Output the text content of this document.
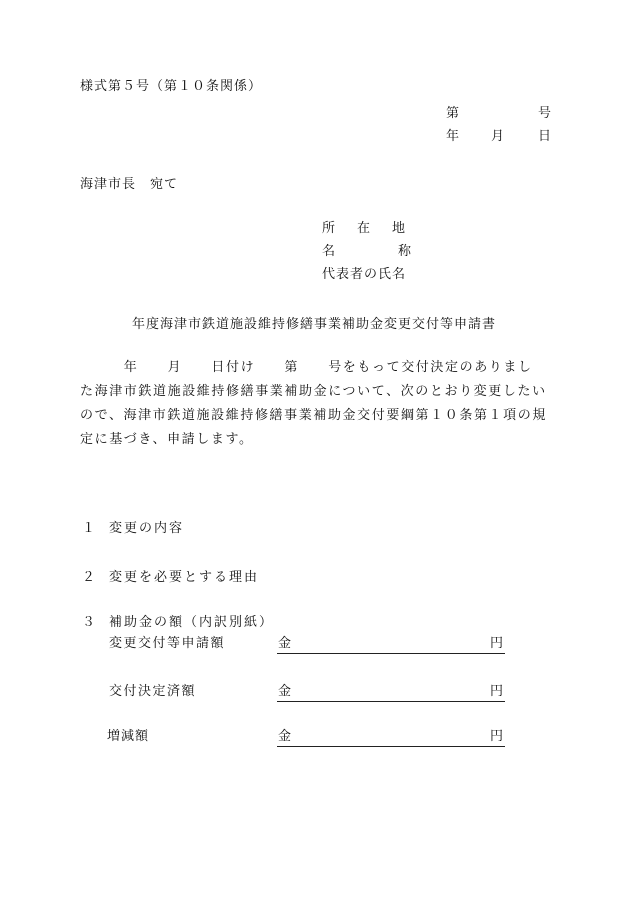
様式第５号（第１０条関係）
第	号
年 月	日
海津市長　宛て
所在地
名	称
代表者の氏名
年度海津市鉄道施設維持修繕事業補助金変更交付等申請書
　　　年　　月　　日付け　　第　　号をもって交付決定のありまし
た海津市鉄道施設維持修繕事業補助金について、次のとおり変更したい
ので、海津市鉄道施設維持修繕事業補助金交付要綱第１０条第１項の規
定に基づき、申請します。
１ 変更の内容
２ 変更を必要とする理由
３ 補助金の額（内訳別紙）
変更交付等申請額	金	円
交付決定済額	金	円
増減額	金	円
